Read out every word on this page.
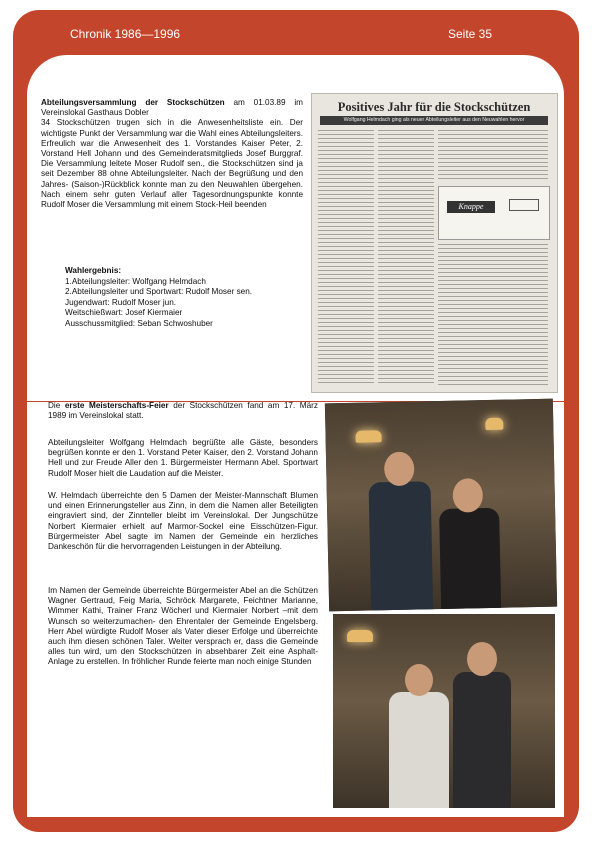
Chronik 1986—1996	Seite 35
Abteilungsversammlung der Stockschützen am 01.03.89 im Vereinslokal Gasthaus Dobler
34 Stockschützen trugen sich in die Anwesenheitsliste ein. Der wichtigste Punkt der Versammlung war die Wahl eines Abteilungsleiters. Erfreulich war die Anwesenheit des 1. Vorstandes Kaiser Peter, 2. Vorstand Hell Johann und des Gemeinderatsmitglieds Josef Burggraf. Die Versammlung leitete Moser Rudolf sen., die Stockschützen sind ja seit Dezember 88 ohne Abteilungsleiter. Nach der Begrüßung und den Jahres- (Saison-)Rückblick konnte man zu den Neuwahlen übergehen. Nach einem sehr guten Verlauf aller Tagesordnungspunkte konnte Rudolf Moser die Versammlung mit einem Stock-Heil beenden
Wahlergebnis:
1.Abteilungsleiter: Wolfgang Helmdach
2.Abteilungsleiter und Sportwart: Rudolf Moser sen.
Jugendwart: Rudolf Moser jun.
Weitschießwart: Josef Kiermaier
Ausschussmitglied: Seban Schwoshuber
Positives Jahr für die Stockschützen
Wolfgang Helmdach ging als neuer Abteilungsleiter aus den Neuwahlen hervor
Knappe
Die erste Meisterschafts-Feier der Stockschützen fand am 17. März 1989 im Vereinslokal statt.
Abteilungsleiter Wolfgang Helmdach begrüßte alle Gäste, besonders begrüßen konnte er den 1. Vorstand Peter Kaiser, den 2. Vorstand Johann Hell und zur Freude Aller den 1. Bürgermeister Hermann Abel. Sportwart Rudolf Moser hielt die Laudation auf die Meister.
W. Helmdach überreichte den 5 Damen der Meister-Mannschaft Blumen und einen Erinnerungsteller aus Zinn, in dem die Namen aller Beteiligten eingraviert sind, der Zinnteller bleibt im Vereinslokal. Der Jungschütze Norbert Kiermaier erhielt auf Marmor-Sockel eine Eisschützen-Figur. Bürgermeister Abel sagte im Namen der Gemeinde ein herzliches Dankeschön für die hervorragenden Leistungen in der Abteilung.
Im Namen der Gemeinde überreichte Bürgermeister Abel an die Schützen Wagner Gertraud, Feig Maria, Schröck Margarete, Feichtner Marianne, Wimmer Kathi, Trainer Franz Wöcherl und Kiermaier Norbert –mit dem Wunsch so weiterzumachen- den Ehrentaler der Gemeinde Engelsberg. Herr Abel würdigte Rudolf Moser als Vater dieser Erfolge und überreichte auch ihm diesen schönen Taler. Weiter versprach er, dass die Gemeinde alles tun wird, um den Stockschützen in absehbarer Zeit eine Asphalt-Anlage zu erstellen. In fröhlicher Runde feierte man noch einige Stunden
